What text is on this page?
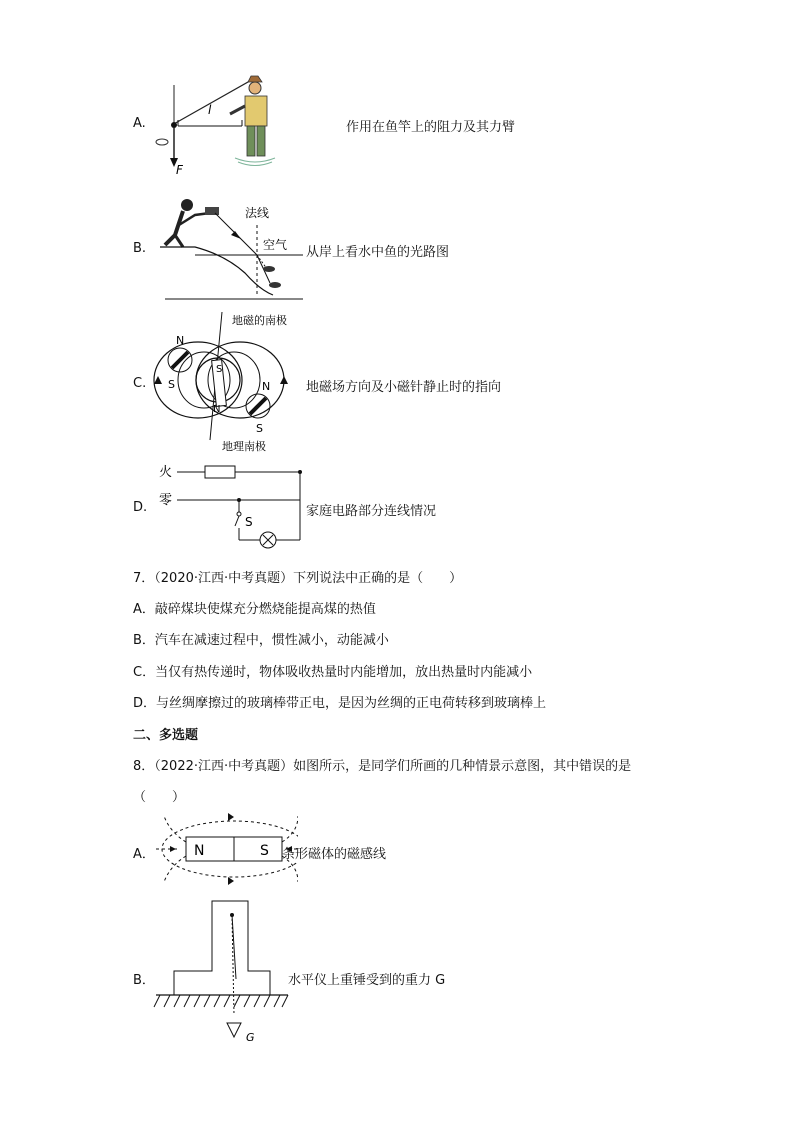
A.
l
F
作用在鱼竿上的阻力及其力臂
B.
法线
空气 从岸上看水中鱼的光路图
C.
地磁的南极
地理南极
S
N
N
S	N
S
地磁场方向及小磁针静止时的指向
D.
火
零
S
家庭电路部分连线情况
7．（2020·江西·中考真题）下列说法中正确的是（　　）
A．敲碎煤块使煤充分燃烧能提高煤的热值
B．汽车在减速过程中，惯性减小，动能减小
C．当仅有热传递时，物体吸收热量时内能增加，放出热量时内能减小
D．与丝绸摩擦过的玻璃棒带正电，是因为丝绸的正电荷转移到玻璃棒上
二、多选题
8．（2022·江西·中考真题）如图所示，是同学们所画的几种情景示意图，其中错误的是
（　　）
A．	N	S 条形磁体的磁感线
B．
G
水平仪上重锤受到的重力 G
